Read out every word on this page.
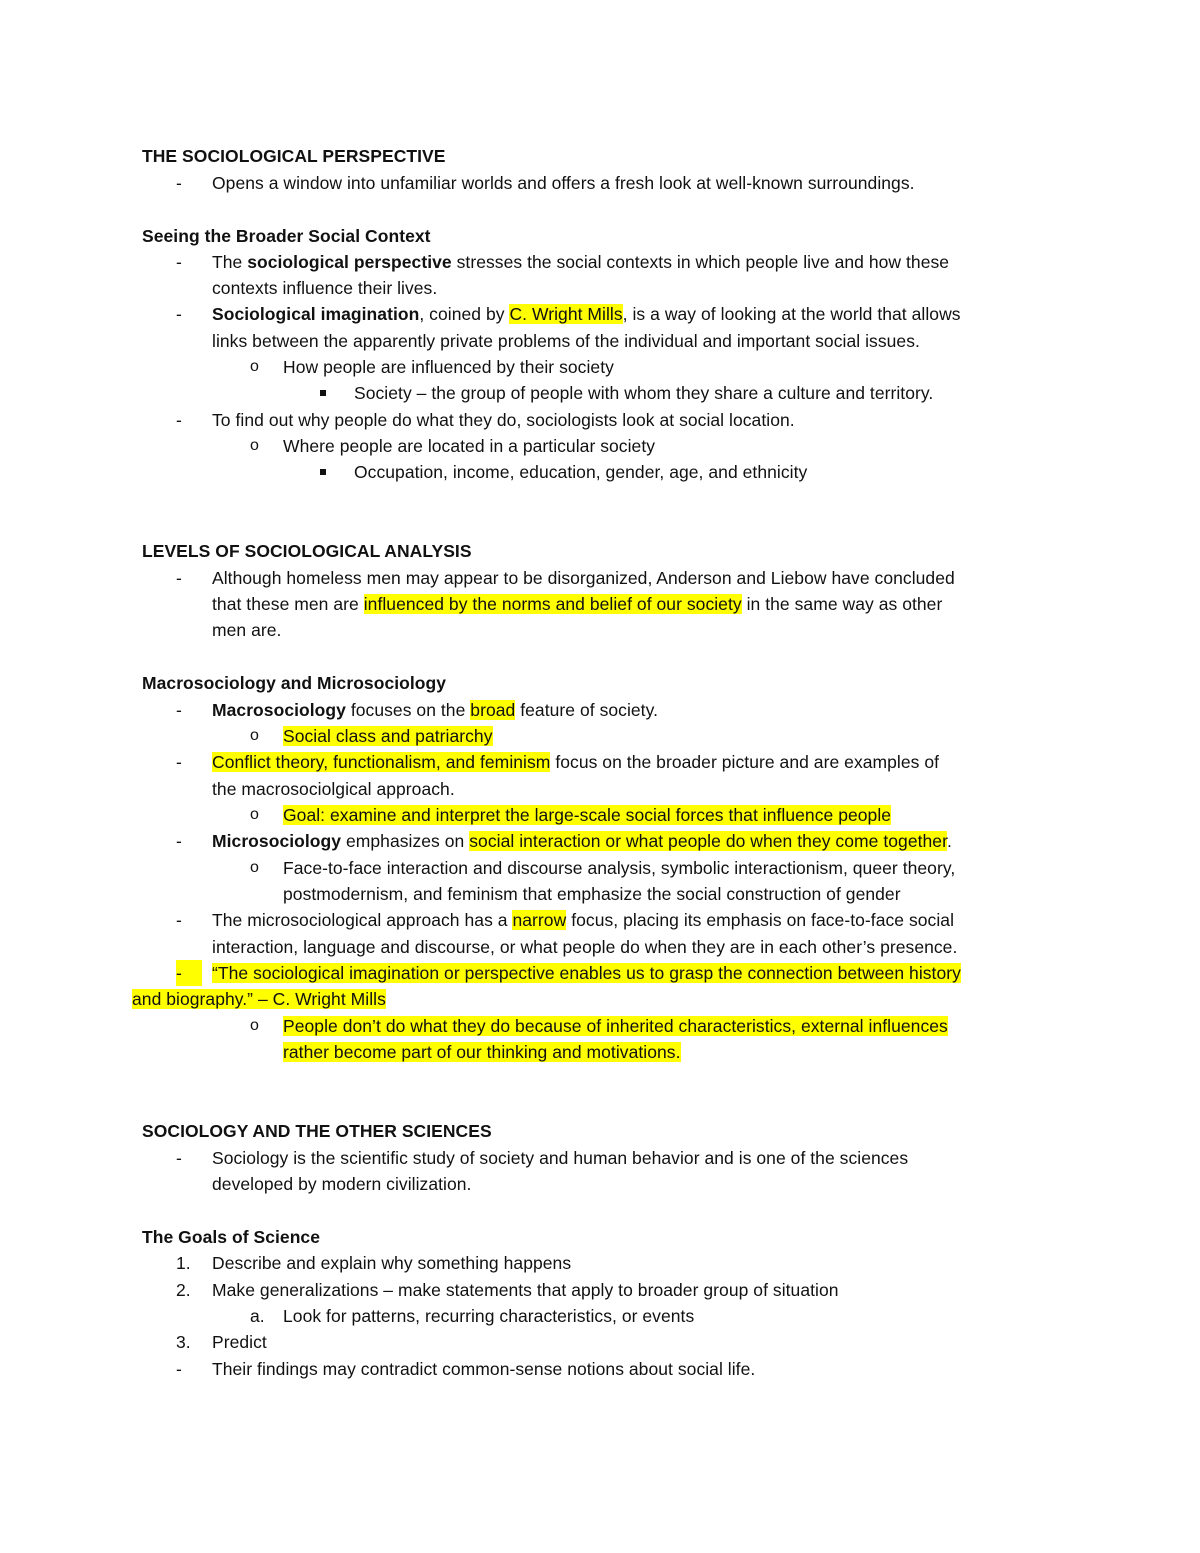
THE SOCIOLOGICAL PERSPECTIVE
- Opens a window into unfamiliar worlds and offers a fresh look at well-known surroundings.
Seeing the Broader Social Context
- The sociological perspective stresses the social contexts in which people live and how these
contexts influence their lives.
- Sociological imagination, coined by C. Wright Mills, is a way of looking at the world that allows
links between the apparently private problems of the individual and important social issues.
o How people are influenced by their society
Society – the group of people with whom they share a culture and territory.
- To find out why people do what they do, sociologists look at social location.
o Where people are located in a particular society
Occupation, income, education, gender, age, and ethnicity
LEVELS OF SOCIOLOGICAL ANALYSIS
- Although homeless men may appear to be disorganized, Anderson and Liebow have concluded
that these men are influenced by the norms and belief of our society in the same way as other
men are.
Macrosociology and Microsociology
- Macrosociology focuses on the broad feature of society.
o Social class and patriarchy
- Conflict theory, functionalism, and feminism focus on the broader picture and are examples of
the macrosociolgical approach.
o Goal: examine and interpret the large-scale social forces that influence people
- Microsociology emphasizes on social interaction or what people do when they come together.
o Face-to-face interaction and discourse analysis, symbolic interactionism, queer theory,
postmodernism, and feminism that emphasize the social construction of gender
- The microsociological approach has a narrow focus, placing its emphasis on face-to-face social
interaction, language and discourse, or what people do when they are in each other’s presence.
-	“The sociological imagination or perspective enables us to grasp the connection between history
and biography.” – C. Wright Mills
o People don’t do what they do because of inherited characteristics, external influences
rather become part of our thinking and motivations.
SOCIOLOGY AND THE OTHER SCIENCES
- Sociology is the scientific study of society and human behavior and is one of the sciences
developed by modern civilization.
The Goals of Science
1. Describe and explain why something happens
2. Make generalizations – make statements that apply to broader group of situation
a. Look for patterns, recurring characteristics, or events
3. Predict
- Their findings may contradict common-sense notions about social life.
